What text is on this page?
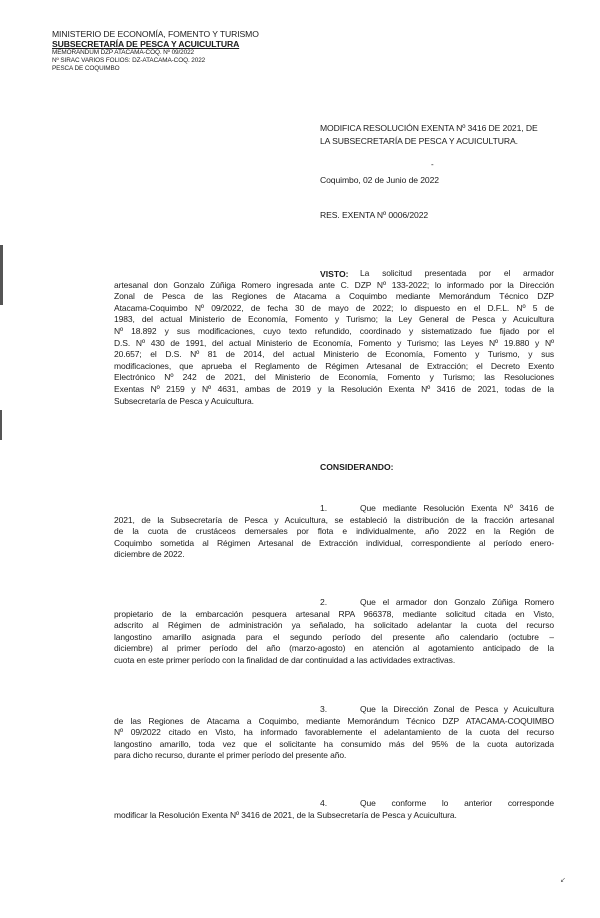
MINISTERIO DE ECONOMÍA, FOMENTO Y TURISMO
SUBSECRETARÍA DE PESCA Y ACUICULTURA
MEMORÁNDUM DZP ATACAMA-COQ. Nº 09/2022
Nº SIRAC VARIOS FOLIOS: DZ-ATACAMA-COQ. 2022
PESCA DE COQUIMBO
MODIFICA RESOLUCIÓN EXENTA Nº 3416 DE 2021, DE
LA SUBSECRETARÍA DE PESCA Y ACUICULTURA.
-
Coquimbo, 02 de Junio de 2022
RES. EXENTA Nº 0006/2022
VISTO:	La solicitud presentada por el armador
artesanal don Gonzalo Zúñiga Romero ingresada ante C. DZP Nº 133-2022; lo informado por la Dirección
Zonal de Pesca de las Regiones de Atacama a Coquimbo mediante Memorándum Técnico DZP
Atacama-Coquimbo Nº 09/2022, de fecha 30 de mayo de 2022; lo dispuesto en el D.F.L. Nº 5 de
1983, del actual Ministerio de Economía, Fomento y Turismo; la Ley General de Pesca y Acuicultura
Nº 18.892 y sus modificaciones, cuyo texto refundido, coordinado y sistematizado fue fijado por el
D.S. Nº 430 de 1991, del actual Ministerio de Economía, Fomento y Turismo; las Leyes Nº 19.880 y Nº
20.657; el D.S. Nº 81 de 2014, del actual Ministerio de Economía, Fomento y Turismo, y sus
modificaciones, que aprueba el Reglamento de Régimen Artesanal de Extracción; el Decreto Exento
Electrónico Nº 242 de 2021, del Ministerio de Economía, Fomento y Turismo; las Resoluciones
Exentas Nº 2159 y Nº 4631, ambas de 2019 y la Resolución Exenta Nº 3416 de 2021, todas de la
Subsecretaría de Pesca y Acuicultura.
CONSIDERANDO:
1.	Que mediante Resolución Exenta Nº 3416 de
2021, de la Subsecretaría de Pesca y Acuicultura, se estableció la distribución de la fracción artesanal
de la cuota de crustáceos demersales por flota e individualmente, año 2022 en la Región de
Coquimbo sometida al Régimen Artesanal de Extracción individual, correspondiente al período enero-
diciembre de 2022.
2.	Que el armador don Gonzalo Zúñiga Romero
propietario de la embarcación pesquera artesanal RPA 966378, mediante solicitud citada en Visto,
adscrito al Régimen de administración ya señalado, ha solicitado adelantar la cuota del recurso
langostino amarillo asignada para el segundo período del presente año calendario (octubre –
diciembre) al primer período del año (marzo-agosto) en atención al agotamiento anticipado de la
cuota en este primer período con la finalidad de dar continuidad a las actividades extractivas.
3.	Que la Dirección Zonal de Pesca y Acuicultura
de las Regiones de Atacama a Coquimbo, mediante Memorándum Técnico DZP ATACAMA-COQUIMBO
Nº 09/2022 citado en Visto, ha informado favorablemente el adelantamiento de la cuota del recurso
langostino amarillo, toda vez que el solicitante ha consumido más del 95% de la cuota autorizada
para dicho recurso, durante el primer período del presente año.
4.	Que conforme lo anterior corresponde
modificar la Resolución Exenta Nº 3416 de 2021, de la Subsecretaría de Pesca y Acuicultura.
↙
